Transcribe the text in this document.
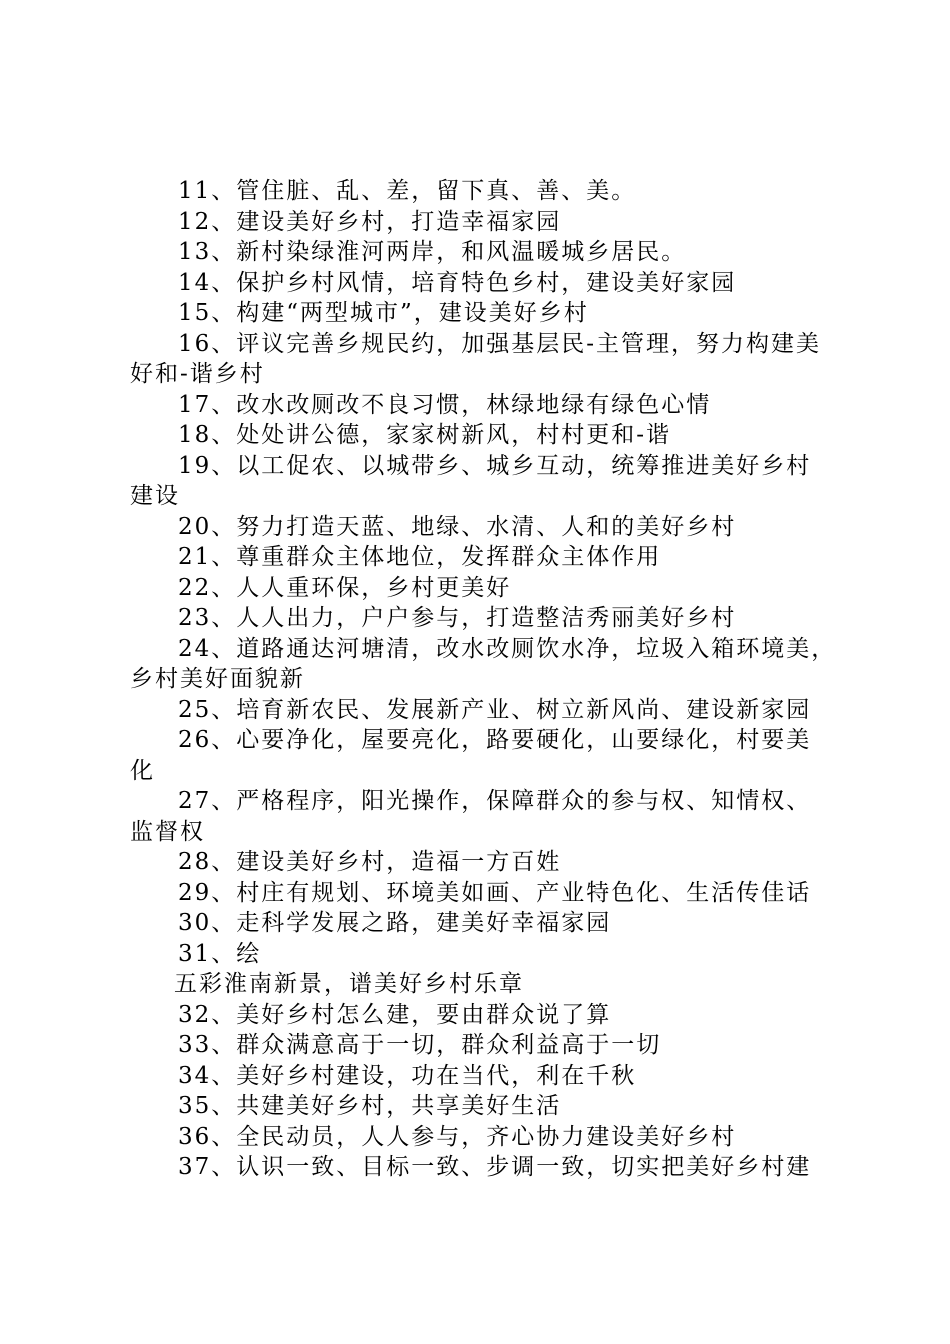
11、管住脏、乱、差，留下真、善、美。
12、建设美好乡村，打造幸福家园
13、新村染绿淮河两岸，和风温暖城乡居民。
14、保护乡村风情，培育特色乡村，建设美好家园
15、构建“两型城市”，建设美好乡村
16、评议完善乡规民约，加强基层民-主管理，努力构建美
好和-谐乡村
17、改水改厕改不良习惯，林绿地绿有绿色心情
18、处处讲公德，家家树新风，村村更和-谐
19、以工促农、以城带乡、城乡互动，统筹推进美好乡村
建设
20、努力打造天蓝、地绿、水清、人和的美好乡村
21、尊重群众主体地位，发挥群众主体作用
22、人人重环保，乡村更美好
23、人人出力，户户参与，打造整洁秀丽美好乡村
24、道路通达河塘清，改水改厕饮水净，垃圾入箱环境美，
乡村美好面貌新
25、培育新农民、发展新产业、树立新风尚、建设新家园
26、心要净化，屋要亮化，路要硬化，山要绿化，村要美
化
27、严格程序，阳光操作，保障群众的参与权、知情权、
监督权
28、建设美好乡村，造福一方百姓
29、村庄有规划、环境美如画、产业特色化、生活传佳话
30、走科学发展之路，建美好幸福家园
31、绘
五彩淮南新景，谱美好乡村乐章
32、美好乡村怎么建，要由群众说了算
33、群众满意高于一切，群众利益高于一切
34、美好乡村建设，功在当代，利在千秋
35、共建美好乡村，共享美好生活
36、全民动员，人人参与，齐心协力建设美好乡村
37、认识一致、目标一致、步调一致，切实把美好乡村建
